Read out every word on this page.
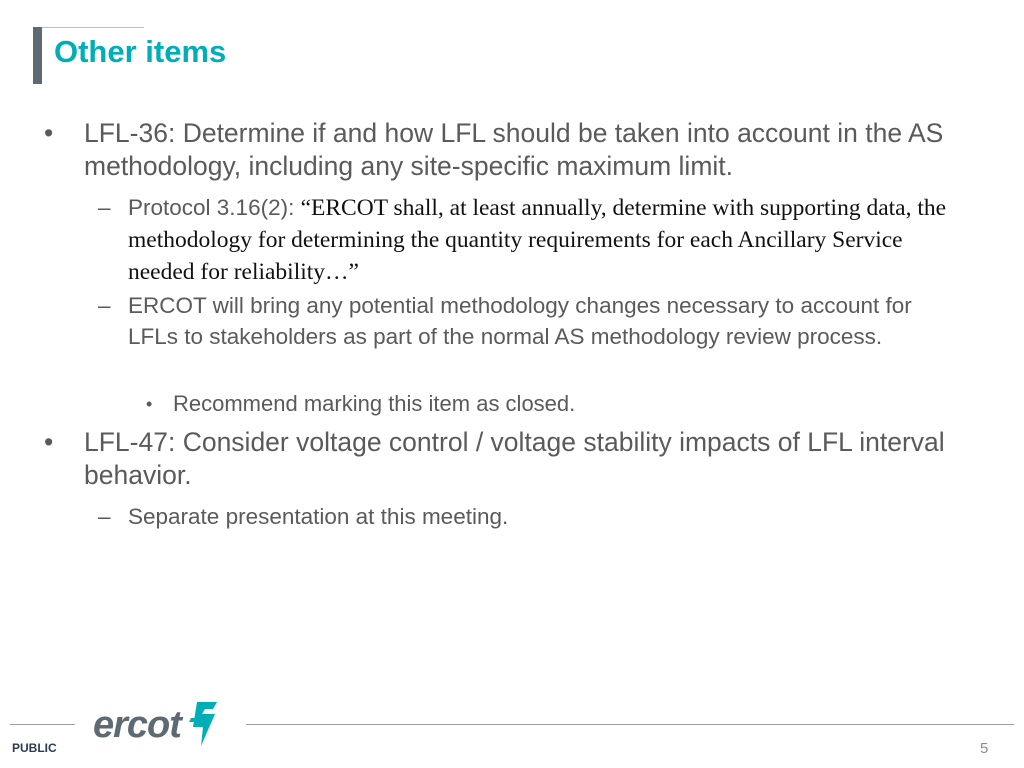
Other items
• LFL-36: Determine if and how LFL should be taken into account in the AS methodology, including any site-specific maximum limit.
– Protocol 3.16(2): “ERCOT shall, at least annually, determine with supporting data, the methodology for determining the quantity requirements for each Ancillary Service needed for reliability…”
– ERCOT will bring any potential methodology changes necessary to account for LFLs to stakeholders as part of the normal AS methodology review process.
• Recommend marking this item as closed.
• LFL-47: Consider voltage control / voltage stability impacts of LFL interval behavior.
– Separate presentation at this meeting.
ercot
PUBLIC	5
